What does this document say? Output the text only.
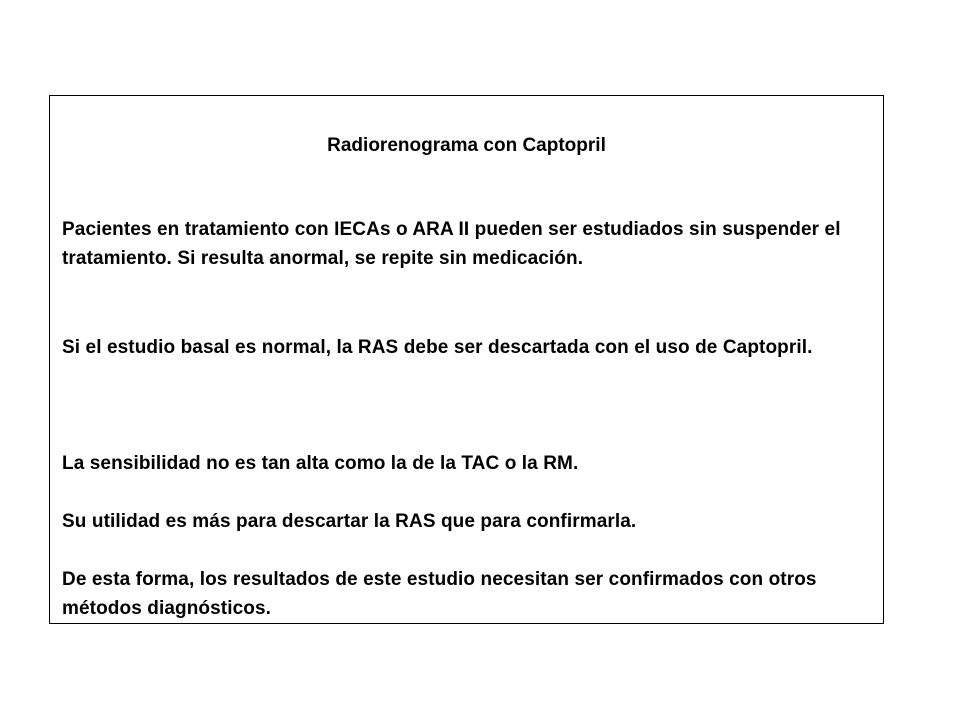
Radiorenograma con Captopril

Pacientes en tratamiento con IECAs o ARA II pueden ser estudiados sin suspender el tratamiento. Si resulta anormal, se repite sin medicación.

Si el estudio basal es normal, la RAS debe ser descartada con el uso de Captopril.

La sensibilidad no es tan alta como la de la TAC o la RM.

Su utilidad es más para descartar la RAS que para confirmarla.

De esta forma, los resultados de este estudio necesitan ser confirmados con otros métodos diagnósticos.
